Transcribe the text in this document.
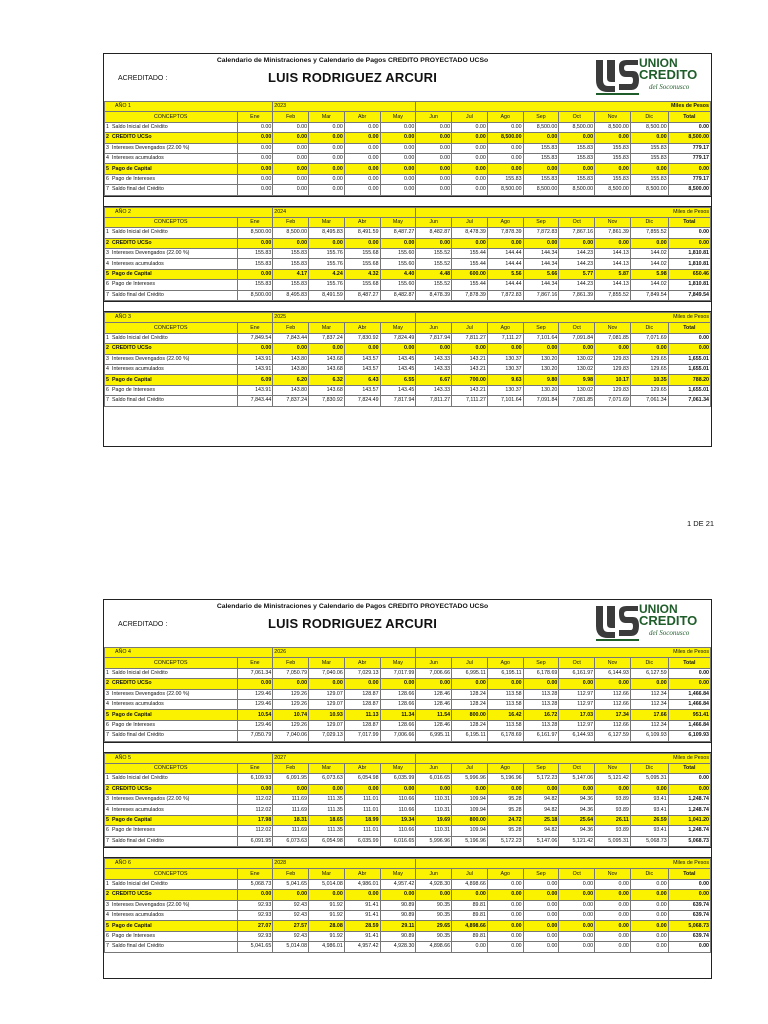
Calendario de Ministraciones y Calendario de Pagos CREDITO PROYECTADO UCSo
ACREDITADO :	LUIS RODRIGUEZ ARCURI
UNION
CREDITO
del Soconusco
AÑO 1		2023				Miles de Pesos							
CONCEPTOS	Ene	Feb	Mar	Abr	May	Jun	Jul	Ago	Sep	Oct	Nov	Dic	Total
1 Saldo Inicial del Crédito	0.00	0.00	0.00	0.00	0.00	0.00	0.00	0.00	8,500.00	8,500.00	8,500.00	8,500.00	0.00
2 CREDITO UCSo	0.00	0.00	0.00	0.00	0.00	0.00	0.00	8,500.00	0.00	0.00	0.00	0.00	8,500.00
3 Intereses Devengados (22.00 %)	0.00	0.00	0.00	0.00	0.00	0.00	0.00	0.00	155.83	155.83	155.83	155.83	779.17
4 Intereses acumulados	0.00	0.00	0.00	0.00	0.00	0.00	0.00	0.00	155.83	155.83	155.83	155.83	779.17
5 Pago de Capital	0.00	0.00	0.00	0.00	0.00	0.00	0.00	0.00	0.00	0.00	0.00	0.00	0.00
6 Pago de Intereses	0.00	0.00	0.00	0.00	0.00	0.00	0.00	155.83	155.83	155.83	155.83	155.83	779.17
7 Saldo final del Crédito	0.00	0.00	0.00	0.00	0.00	0.00	0.00	8,500.00	8,500.00	8,500.00	8,500.00	8,500.00	8,500.00
AÑO 2		2024				Miles de Pesos							
CONCEPTOS	Ene	Feb	Mar	Abr	May	Jun	Jul	Ago	Sep	Oct	Nov	Dic	Total
1 Saldo Inicial del Crédito	8,500.00	8,500.00	8,495.83	8,491.59	8,487.27	8,482.87	8,478.39	7,878.39	7,872.83	7,867.16	7,861.39	7,855.52	0.00
2 CREDITO UCSo	0.00	0.00	0.00	0.00	0.00	0.00	0.00	0.00	0.00	0.00	0.00	0.00	0.00
3 Intereses Devengados (22.00 %)	155.83	155.83	155.76	155.68	155.60	155.52	155.44	144.44	144.34	144.23	144.13	144.02	1,810.81
4 Intereses acumulados	155.83	155.83	155.76	155.68	155.60	155.52	155.44	144.44	144.34	144.23	144.13	144.02	1,810.81
5 Pago de Capital	0.00	4.17	4.24	4.32	4.40	4.48	600.00	5.56	5.66	5.77	5.87	5.98	650.46
6 Pago de Intereses	155.83	155.83	155.76	155.68	155.60	155.52	155.44	144.44	144.34	144.23	144.13	144.02	1,810.81
7 Saldo final del Crédito	8,500.00	8,495.83	8,491.59	8,487.27	8,482.87	8,478.39	7,878.39	7,872.83	7,867.16	7,861.39	7,855.52	7,849.54	7,849.54
AÑO 3		2025				Miles de Pesos							
CONCEPTOS	Ene	Feb	Mar	Abr	May	Jun	Jul	Ago	Sep	Oct	Nov	Dic	Total
1 Saldo Inicial del Crédito	7,849.54	7,843.44	7,837.24	7,830.92	7,824.49	7,817.94	7,811.27	7,111.27	7,101.64	7,091.84	7,081.85	7,071.69	0.00
2 CREDITO UCSo	0.00	0.00	0.00	0.00	0.00	0.00	0.00	0.00	0.00	0.00	0.00	0.00	0.00
3 Intereses Devengados (22.00 %)	143.91	143.80	143.68	143.57	143.45	143.33	143.21	130.37	130.20	130.02	129.83	129.65	1,655.01
4 Intereses acumulados	143.91	143.80	143.68	143.57	143.45	143.33	143.21	130.37	130.20	130.02	129.83	129.65	1,655.01
5 Pago de Capital	6.09	6.20	6.32	6.43	6.55	6.67	700.00	9.63	9.80	9.98	10.17	10.35	788.20
6 Pago de Intereses	143.91	143.80	143.68	143.57	143.45	143.33	143.21	130.37	130.20	130.02	129.83	129.65	1,655.01
7 Saldo final del Crédito	7,843.44	7,837.24	7,830.92	7,824.49	7,817.94	7,811.27	7,111.27	7,101.64	7,091.84	7,081.85	7,071.69	7,061.34	7,061.34
1 DE 21
Calendario de Ministraciones y Calendario de Pagos CREDITO PROYECTADO UCSo
ACREDITADO :	LUIS RODRIGUEZ ARCURI
UNION
CREDITO
del Soconusco
AÑO 4		2026				Miles de Pesos							
CONCEPTOS	Ene	Feb	Mar	Abr	May	Jun	Jul	Ago	Sep	Oct	Nov	Dic	Total
1 Saldo Inicial del Crédito	7,061.34	7,050.79	7,040.06	7,029.13	7,017.99	7,006.66	6,995.11	6,195.11	6,178.69	6,161.97	6,144.93	6,127.59	0.00
2 CREDITO UCSo	0.00	0.00	0.00	0.00	0.00	0.00	0.00	0.00	0.00	0.00	0.00	0.00	0.00
3 Intereses Devengados (22.00 %)	129.46	129.26	129.07	128.87	128.66	128.46	128.24	113.58	113.28	112.97	112.66	112.34	1,466.84
4 Intereses acumulados	129.46	129.26	129.07	128.87	128.66	128.46	128.24	113.58	113.28	112.97	112.66	112.34	1,466.84
5 Pago de Capital	10.54	10.74	10.93	11.13	11.34	11.54	800.00	16.42	16.72	17.03	17.34	17.66	951.41
6 Pago de Intereses	129.46	129.26	129.07	128.87	128.66	128.46	128.24	113.58	113.28	112.97	112.66	112.34	1,466.84
7 Saldo final del Crédito	7,050.79	7,040.06	7,029.13	7,017.99	7,006.66	6,995.11	6,195.11	6,178.69	6,161.97	6,144.93	6,127.59	6,109.93	6,109.93
AÑO 5		2027				Miles de Pesos							
CONCEPTOS	Ene	Feb	Mar	Abr	May	Jun	Jul	Ago	Sep	Oct	Nov	Dic	Total
1 Saldo Inicial del Crédito	6,109.93	6,091.95	6,073.63	6,054.98	6,035.99	6,016.65	5,996.96	5,196.96	5,172.23	5,147.06	5,121.42	5,095.31	0.00
2 CREDITO UCSo	0.00	0.00	0.00	0.00	0.00	0.00	0.00	0.00	0.00	0.00	0.00	0.00	0.00
3 Intereses Devengados (22.00 %)	112.02	111.69	111.35	111.01	110.66	110.31	109.94	95.28	94.82	94.36	93.89	93.41	1,248.74
4 Intereses acumulados	112.02	111.69	111.35	111.01	110.66	110.31	109.94	95.28	94.82	94.36	93.89	93.41	1,248.74
5 Pago de Capital	17.98	18.31	18.65	18.99	19.34	19.69	800.00	24.72	25.18	25.64	26.11	26.59	1,041.20
6 Pago de Intereses	112.02	111.69	111.35	111.01	110.66	110.31	109.94	95.28	94.82	94.36	93.89	93.41	1,248.74
7 Saldo final del Crédito	6,091.95	6,073.63	6,054.98	6,035.99	6,016.65	5,996.96	5,196.96	5,172.23	5,147.06	5,121.42	5,095.31	5,068.73	5,068.73
AÑO 6		2028				Miles de Pesos							
CONCEPTOS	Ene	Feb	Mar	Abr	May	Jun	Jul	Ago	Sep	Oct	Nov	Dic	Total
1 Saldo Inicial del Crédito	5,068.73	5,041.65	5,014.08	4,986.01	4,957.42	4,928.30	4,898.66	0.00	0.00	0.00	0.00	0.00	0.00
2 CREDITO UCSo	0.00	0.00	0.00	0.00	0.00	0.00	0.00	0.00	0.00	0.00	0.00	0.00	0.00
3 Intereses Devengados (22.00 %)	92.93	92.43	91.92	91.41	90.89	90.35	89.81	0.00	0.00	0.00	0.00	0.00	639.74
4 Intereses acumulados	92.93	92.43	91.92	91.41	90.89	90.35	89.81	0.00	0.00	0.00	0.00	0.00	639.74
5 Pago de Capital	27.07	27.57	28.08	28.59	29.11	29.65	4,898.66	0.00	0.00	0.00	0.00	0.00	5,068.73
6 Pago de Intereses	92.93	92.43	91.92	91.41	90.89	90.35	89.81	0.00	0.00	0.00	0.00	0.00	639.74
7 Saldo final del Crédito	5,041.65	5,014.08	4,986.01	4,957.42	4,928.30	4,898.66	0.00	0.00	0.00	0.00	0.00	0.00	0.00
